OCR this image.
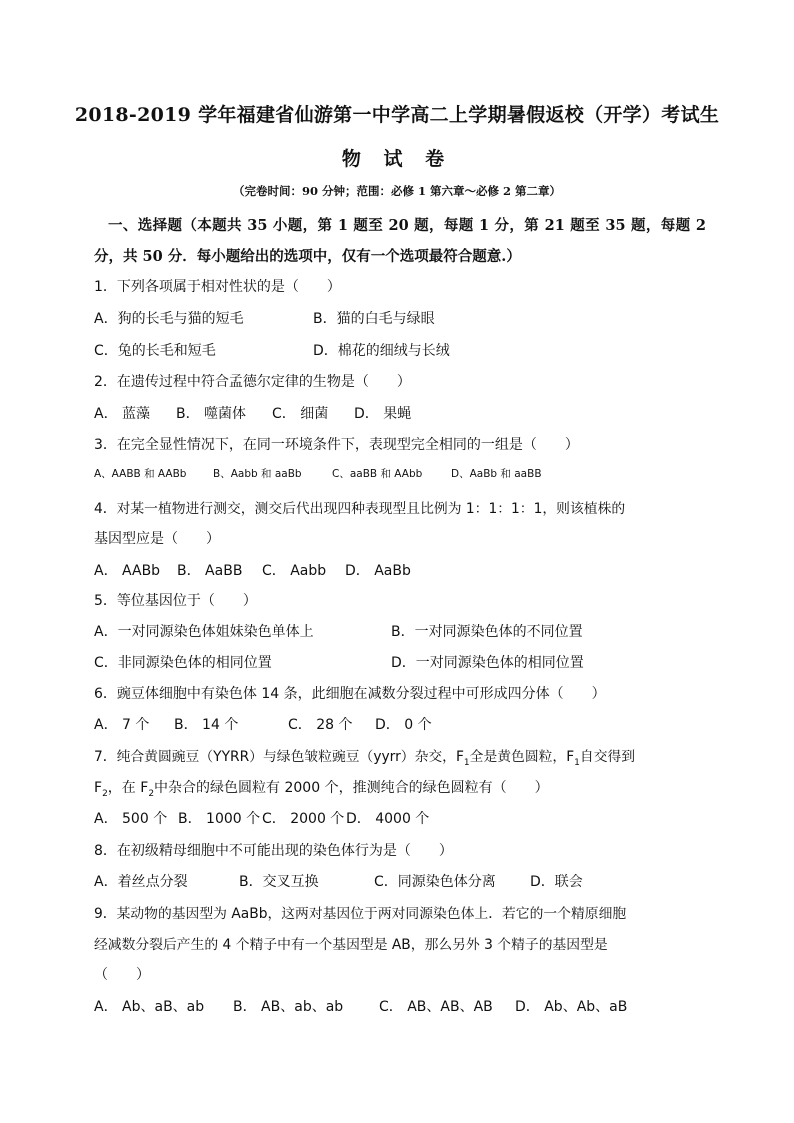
2018-2019 学年福建省仙游第一中学高二上学期暑假返校（开学）考试生
物 试 卷
（完卷时间：90 分钟；范围：必修 1 第六章～必修 2 第二章）
一、选择题（本题共 35 小题，第 1 题至 20 题，每题 1 分，第 21 题至 35 题，每题 2 分，共 50 分．每小题给出的选项中，仅有一个选项最符合题意.）
1．下列各项属于相对性状的是（　　）
A．狗的长毛与猫的短毛	B．猫的白毛与绿眼
C．兔的长毛和短毛	D．棉花的细绒与长绒
2．在遗传过程中符合孟德尔定律的生物是（　　）
A． 蓝藻 B． 噬菌体 C． 细菌 D． 果蝇
3．在完全显性情况下，在同一环境条件下，表现型完全相同的一组是（　　）
A、AABB 和 AABb	B、Aabb 和 aaBb	C、aaBB 和 AAbb	D、AaBb 和 aaBB
4．对某一植物进行测交，测交后代出现四种表现型且比例为 1：1：1：1，则该植株的
基因型应是（　　）
A． AABb B． AaBB C． Aabb D． AaBb
5．等位基因位于（　　）
A．一对同源染色体姐妹染色单体上	B．一对同源染色体的不同位置
C．非同源染色体的相同位置	D．一对同源染色体的相同位置
6．豌豆体细胞中有染色体 14 条，此细胞在减数分裂过程中可形成四分体（　　）
A． 7 个 B． 14 个	C． 28 个 D． 0 个
7．纯合黄圆豌豆（YYRR）与绿色皱粒豌豆（yyrr）杂交，$F_1$全是黄色圆粒，$F_1$自交得到
$F_2$，在 $F_2$中杂合的绿色圆粒有 2000 个，推测纯合的绿色圆粒有（　　）
A． 500 个 B． 1000 个 C． 2000 个 D． 4000 个
8．在初级精母细胞中不可能出现的染色体行为是（　　）
A．着丝点分裂	B．交叉互换	C．同源染色体分离 D．联会
9．某动物的基因型为 AaBb，这两对基因位于两对同源染色体上．若它的一个精原细胞
经减数分裂后产生的 4 个精子中有一个基因型是 AB，那么另外 3 个精子的基因型是
（　　）
A． Ab、aB、ab B． AB、ab、ab	C． AB、AB、AB D． Ab、Ab、aB
